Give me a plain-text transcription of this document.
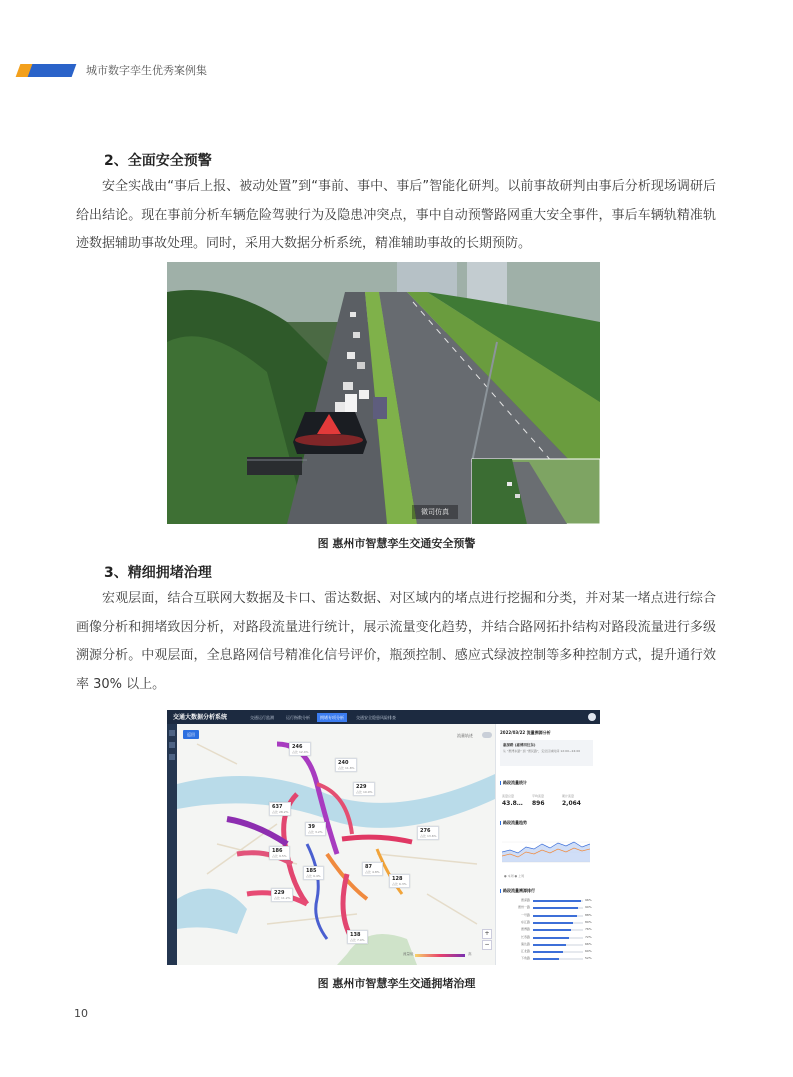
城市数字孪生优秀案例集
2、全面安全预警

安全实战由“事后上报、被动处置”到“事前、事中、事后”智能化研判。以前事故研判由事后分析现场调研后给出结论。现在事前分析车辆危险驾驶行为及隐患冲突点，事中自动预警路网重大安全事件，事后车辆轨精准轨迹数据辅助事故处理。同时，采用大数据分析系统，精准辅助事故的长期预防。

微司仿真
图 惠州市智慧孪生交通安全预警
3、精细拥堵治理

宏观层面，结合互联网大数据及卡口、雷达数据、对区域内的堵点进行挖掘和分类，并对某一堵点进行综合画像分析和拥堵致因分析，对路段流量进行统计，展示流量变化趋势，并结合路网拓扑结构对路段流量进行多级溯源分析。中观层面，全息路网信号精准化信号评价，瓶颈控制、感应式绿波控制等多种控制方式，提升通行效率 30% 以上。

交通大数据分析系统	交通运行监测	运行指数分析	拥堵专项分析	交通安全隐患风险排查
返回	流量轨迹
+
−
流量低	高
246
占比 12.4%
240
占比 11.8%
229
占比 10.9%
637
占比 28.2%
39
占比 3.2%	276
占比 13.6%
186
占比 9.5%
185
占比 9.4%
87
占比 4.8%
128
占比 6.3%
229
占比 11.2%
138
占比 7.0%
2022/03/22 流量溯源分析
惠深路 (惠博西往东)
从 "惠博东路" 到 "惠民路"，定位区域时间 12:00~24:00
路段流量统计
流量总量
43.8…
平均流量
896
累计流量
2,064
路段流量趋势
● 本周 ● 上周
路段流量溯源排行
惠深路	96%
惠州一路	90%
一号路	88%
东江路	80%
惠博路	76%
长寿路	72%
演达路	66%
江北路	60%
下角路	52%
图 惠州市智慧孪生交通拥堵治理
10
